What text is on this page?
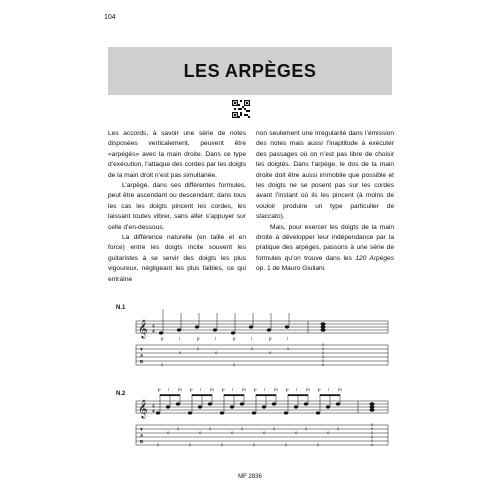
104
LES ARPÈGES

Les accords, à savoir une série de notes disposées verticalement, peuvent être «arpégés» avec la main droite. Dans ce type d’exécution, l’attaque des cordes par les doigts de la main droit n’est pas simultanée.

L’arpège, dans ses différentes formules, peut être ascendant ou descendant; dans tous les cas les doigts pincent les cordes, les laissant toutes vibrer, sans aller s’appuyer sur celle d’en-dessous.

La différence naturelle (en taille et en force) entre les doigts incite souvent les guitaristes à se servir des doigts les plus vigoureux, négligeant les plus faibles, ce qui entraîne

non seulement une irrégularité dans l’émission des notes mais aussi l’inaptitude à exécuter des passages où on n’est pas libre de choisir les doigtés. Dans l’arpège, le dos de la main droite doit être aussi immobile que possible et les doigts ne se posent pas sur les cordes avant l’instant où ils les pincent (à moins de vouloir produire un type particulier de staccato).

Mais, pour exercer les doigts de la main droite à développer leur indépendance par la pratique des arpèges, passons à une série de formules qu’on trouve dans les 120 Arpèges op. 1 de Mauro Giuliani.

N.1
𝄞 4
4
T
A
B
0
0
0
0
0
0
0
0
0
0
0
2
2
0
p	i	p	i	p	i	p	i
N.2
p i m p i m p i m p i m p i m p i m
𝄞 4
4
T
A
B
0
0
0
0
0
0
0
0
0
0
0
0
0
0
0
0
0
0
0
0
0
2
2
0
MF 2836
